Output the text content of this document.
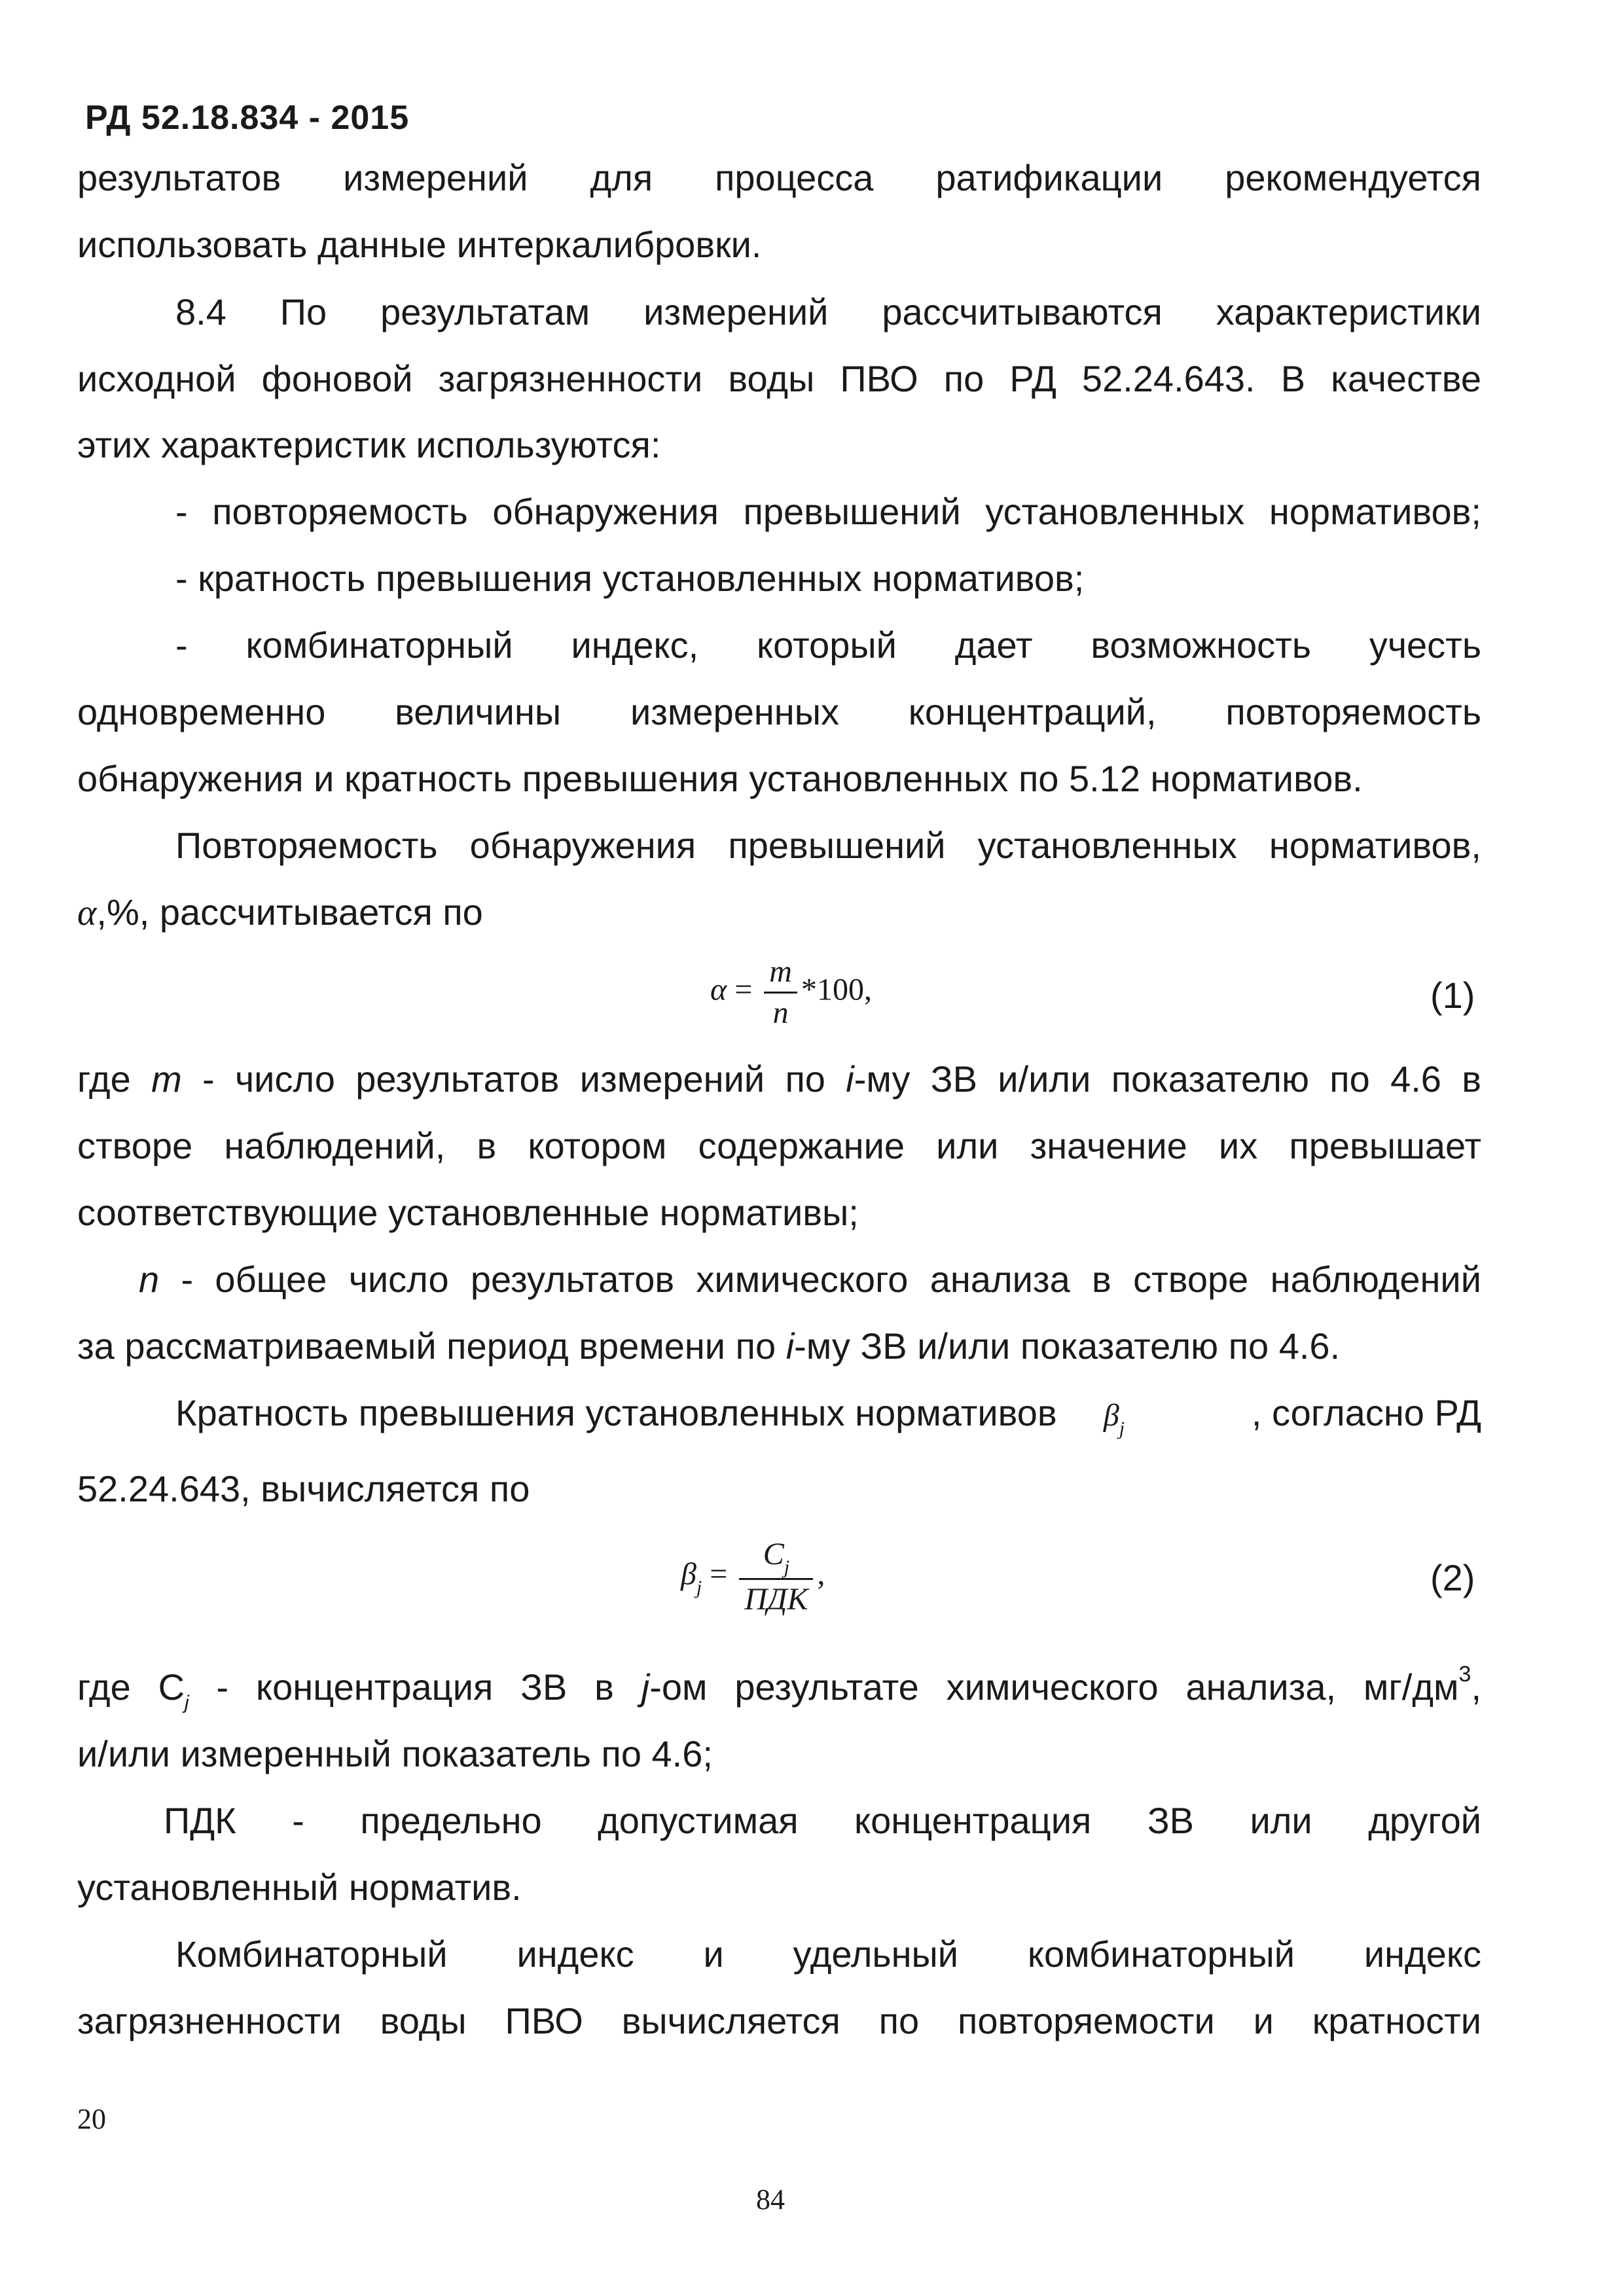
РД 52.18.834 - 2015
результатов измерений для процесса ратификации рекомендуется
использовать данные интеркалибровки.
8.4 По результатам измерений рассчитываются характеристики
исходной фоновой загрязненности воды ПВО по РД 52.24.643. В качестве
этих характеристик используются:
- повторяемость обнаружения превышений установленных нормативов;
- кратность превышения установленных нормативов;
- комбинаторный индекс, который дает возможность учесть
одновременно величины измеренных концентраций, повторяемость
обнаружения и кратность превышения установленных по 5.12 нормативов.
Повторяемость обнаружения превышений установленных нормативов,
α,%, рассчитывается по
$\alpha = \frac{m}{n} *100$,	(1)
где m - число результатов измерений по i-му ЗВ и/или показателю по 4.6 в
створе наблюдений, в котором содержание или значение их превышает
соответствующие установленные нормативы;
n - общее число результатов химического анализа в створе наблюдений
за рассматриваемый период времени по i-му ЗВ и/или показателю по 4.6.
Кратность превышения установленных нормативов $\beta_j$	, согласно РД
52.24.643, вычисляется по
$\beta_j = \frac{C_j}{\text{ПДК}}$ ,	(2)
где $С_j$ - концентрация ЗВ в j-ом результате химического анализа, $мг/дм^3$,
и/или измеренный показатель по 4.6;
ПДК - предельно допустимая концентрация ЗВ или другой
установленный норматив.
Комбинаторный индекс и удельный комбинаторный индекс
загрязненности воды ПВО вычисляется по повторяемости и кратности
20
84
